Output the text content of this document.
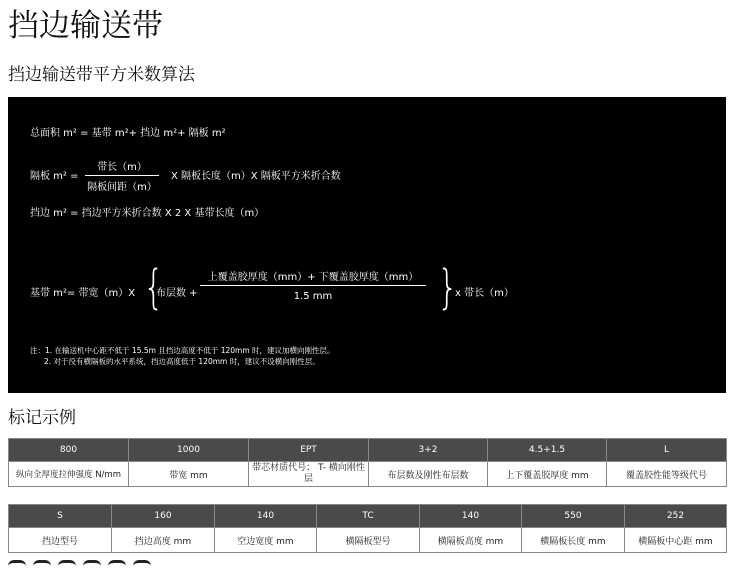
挡边输送带
挡边输送带平方米数算法
总面积 m² = 基带 m²+ 挡边 m²+ 隔板 m²
隔板 m² =
带长（m）
隔板间距（m）
X 隔板长度（m）X 隔板平方米折合数
挡边 m² = 挡边平方米折合数 X 2 X 基带长度（m）
基带 m²= 带宽（m）X {
布层数 +
上覆盖胶厚度（mm）+ 下覆盖胶厚度（mm）
1.5 mm	}
x 带长（m）
注：1. 在输送机中心距不低于 15.5m 且挡边高度不低于 120mm 时，建议加横向刚性层。
2. 对于没有横隔板的水平系统，挡边高度低于 120mm 时，建议不设横向刚性层。
标记示例
800	1000	EPT	3+2	4.5+1.5	L
纵向全厚度拉伸强度 N/mm	带宽 mm	带芯材质代号； T- 横向刚性层	布层数及刚性布层数	上下覆盖胶厚度 mm	覆盖胶性能等级代号
S	160	140	TC	140	550	252
挡边型号	挡边高度 mm	空边宽度 mm	横隔板型号	横隔板高度 mm	横隔板长度 mm	横隔板中心距 mm
